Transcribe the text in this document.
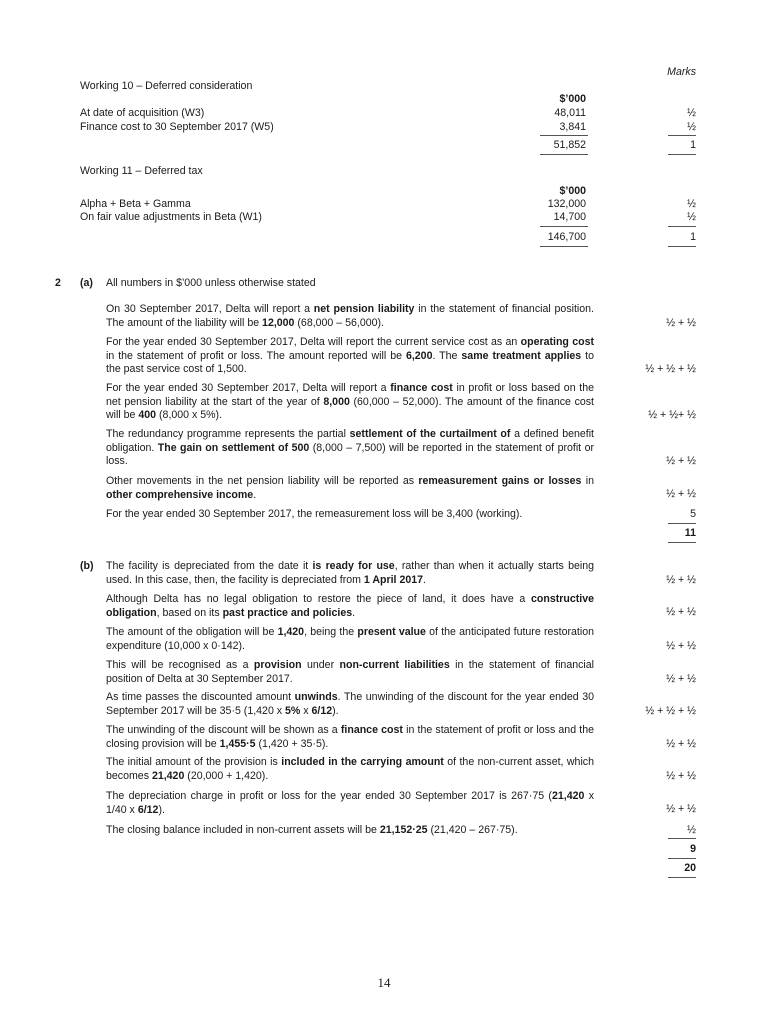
Marks
Working 10 – Deferred consideration
$’000
At date of acquisition (W3)	48,011	½
Finance cost to 30 September 2017 (W5)	3,841	½
51,852	1
Working 11 – Deferred tax
$’000
Alpha + Beta + Gamma	132,000	½
On fair value adjustments in Beta (W1)	14,700	½
146,700	1
2 (a) All numbers in $’000 unless otherwise stated
On 30 September 2017, Delta will report a net pension liability in the statement of financial position. The amount of the liability will be 12,000 (68,000 – 56,000).	½ + ½
For the year ended 30 September 2017, Delta will report the current service cost as an operating cost in the statement of profit or loss. The amount reported will be 6,200. The same treatment applies to the past service cost of 1,500.	½ + ½ + ½
For the year ended 30 September 2017, Delta will report a finance cost in profit or loss based on the net pension liability at the start of the year of 8,000 (60,000 – 52,000). The amount of the finance cost will be 400 (8,000 x 5%).	½ + ½+ ½
The redundancy programme represents the partial settlement of the curtailment of a defined benefit obligation. The gain on settlement of 500 (8,000 – 7,500) will be reported in the statement of profit or loss.	½ + ½
Other movements in the net pension liability will be reported as remeasurement gains or losses in other comprehensive income.	½ + ½
For the year ended 30 September 2017, the remeasurement loss will be 3,400 (working).	5
11
(b) The facility is depreciated from the date it is ready for use, rather than when it actually starts being used. In this case, then, the facility is depreciated from 1 April 2017.	½ + ½
Although Delta has no legal obligation to restore the piece of land, it does have a constructive obligation, based on its past practice and policies.	½ + ½
The amount of the obligation will be 1,420, being the present value of the anticipated future restoration expenditure (10,000 x 0·142).	½ + ½
This will be recognised as a provision under non-current liabilities in the statement of financial position of Delta at 30 September 2017.	½ + ½
As time passes the discounted amount unwinds. The unwinding of the discount for the year ended 30 September 2017 will be 35·5 (1,420 x 5% x 6/12).	½ + ½ + ½
The unwinding of the discount will be shown as a finance cost in the statement of profit or loss and the closing provision will be 1,455·5 (1,420 + 35·5).	½ + ½
The initial amount of the provision is included in the carrying amount of the non-current asset, which becomes 21,420 (20,000 + 1,420).	½ + ½
The depreciation charge in profit or loss for the year ended 30 September 2017 is 267·75 (21,420 x 1/40 x 6/12).	½ + ½
The closing balance included in non-current assets will be 21,152·25 (21,420 – 267·75).	½
9
20
14
